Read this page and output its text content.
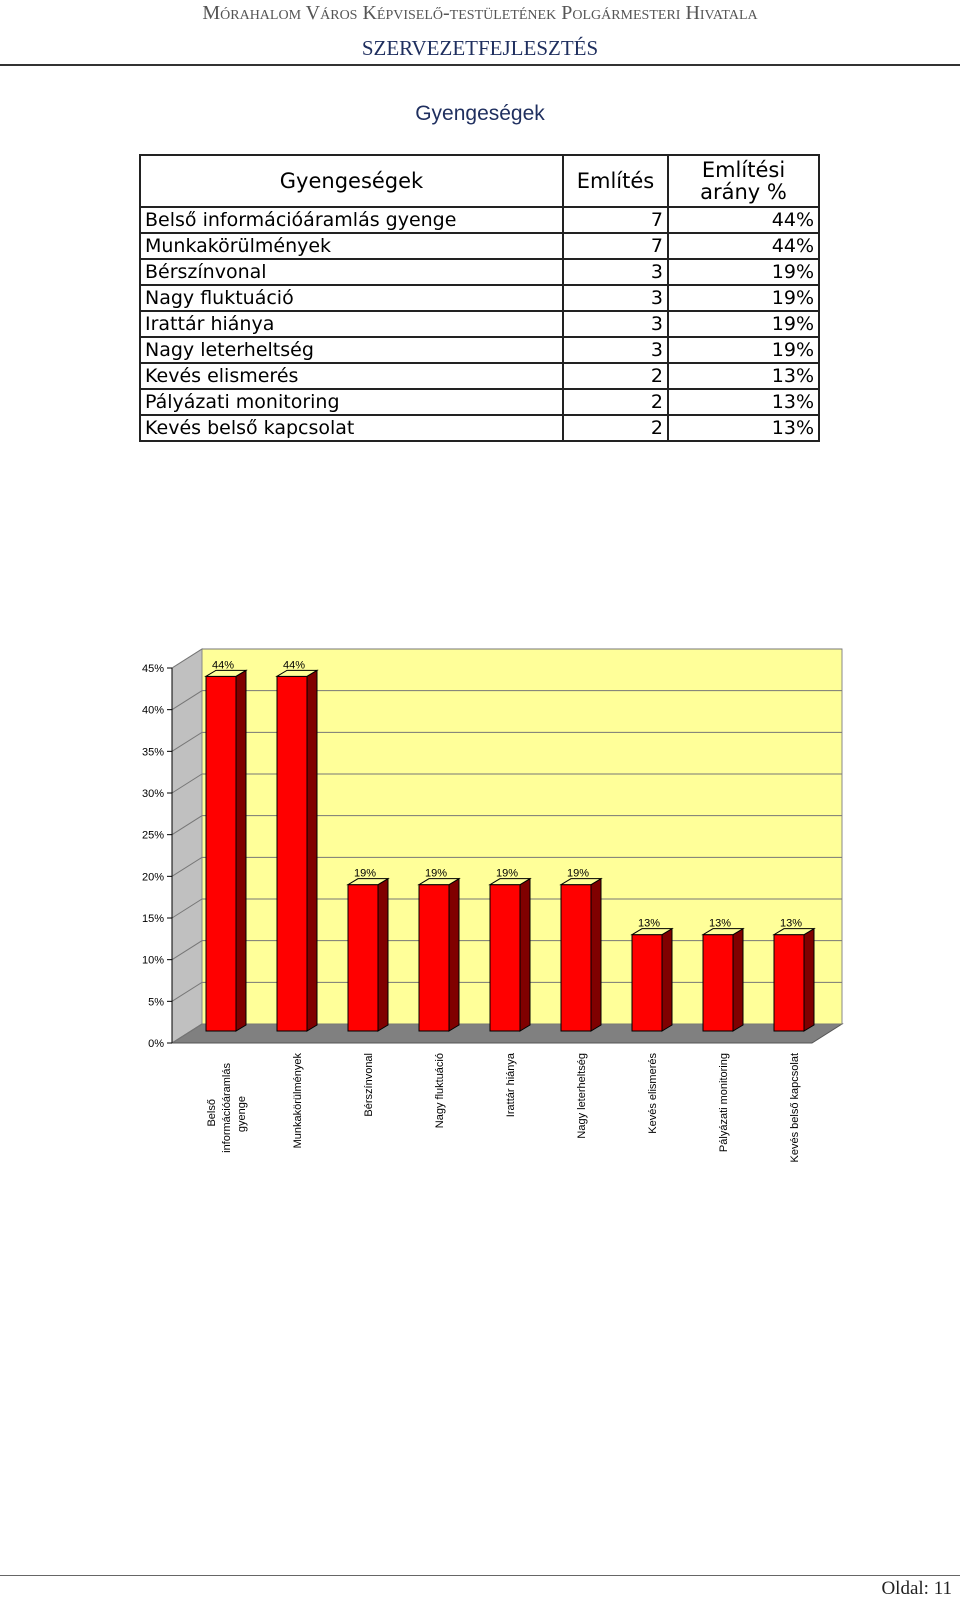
Mórahalom Város Képviselő-testületének Polgármesteri Hivatala
SZERVEZETFEJLESZTÉS
Gyengeségek
Gyengeségek	Említés	Említési arány %
Belső információáramlás gyenge	7	44%
Munkakörülmények	7	44%
Bérszínvonal	3	19%
Nagy fluktuáció	3	19%
Irattár hiánya	3	19%
Nagy leterheltség	3	19%
Kevés elismerés	2	13%
Pályázati monitoring	2	13%
Kevés belső kapcsolat	2	13%
0%
5%
10%
15%
20%
25%
30%
35%
40%
45%	44%
Belső információáramlás gyenge
44%
Munkakörülmények
19%
Bérszínvonal
19%
Nagy fluktuáció
19%
Irattár hiánya
19%
Nagy leterheltség
13%
Kevés elismerés
13%
Pályázati monitoring
13%
Kevés belső kapcsolat
Oldal: 11
